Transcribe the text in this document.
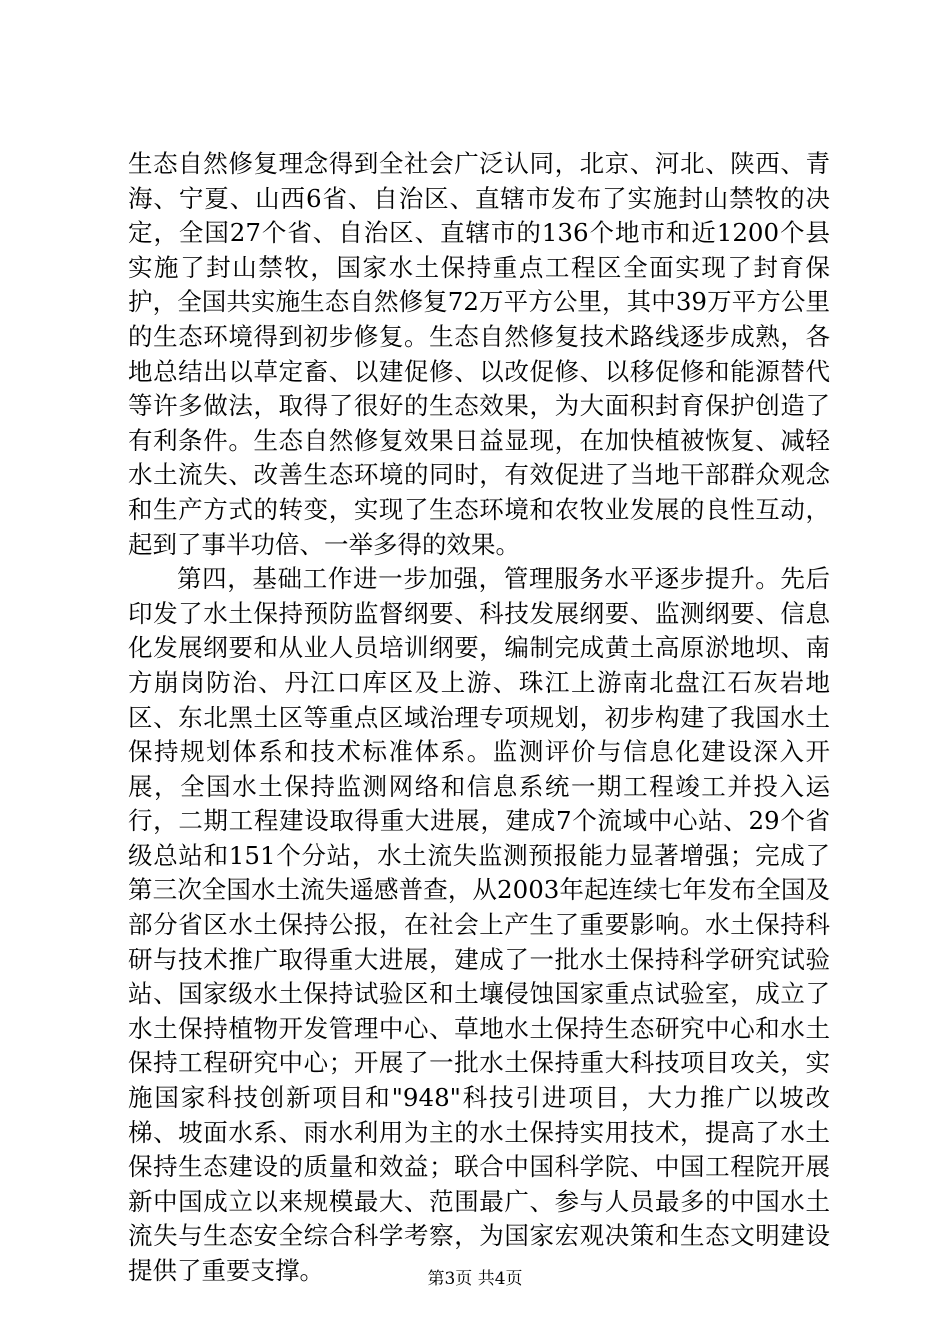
生态自然修复理念得到全社会广泛认同，北京、河北、陕西、青海、宁夏、山西6省、自治区、直辖市发布了实施封山禁牧的决定，全国27个省、自治区、直辖市的136个地市和近1200个县实施了封山禁牧，国家水土保持重点工程区全面实现了封育保护，全国共实施生态自然修复72万平方公里，其中39万平方公里的生态环境得到初步修复。生态自然修复技术路线逐步成熟，各地总结出以草定畜、以建促修、以改促修、以移促修和能源替代等许多做法，取得了很好的生态效果，为大面积封育保护创造了有利条件。生态自然修复效果日益显现，在加快植被恢复、减轻水土流失、改善生态环境的同时，有效促进了当地干部群众观念和生产方式的转变，实现了生态环境和农牧业发展的良性互动，起到了事半功倍、一举多得的效果。

第四，基础工作进一步加强，管理服务水平逐步提升。先后印发了水土保持预防监督纲要、科技发展纲要、监测纲要、信息化发展纲要和从业人员培训纲要，编制完成黄土高原淤地坝、南方崩岗防治、丹江口库区及上游、珠江上游南北盘江石灰岩地区、东北黑土区等重点区域治理专项规划，初步构建了我国水土保持规划体系和技术标准体系。监测评价与信息化建设深入开展，全国水土保持监测网络和信息系统一期工程竣工并投入运行，二期工程建设取得重大进展，建成7个流域中心站、29个省级总站和151个分站，水土流失监测预报能力显著增强；完成了第三次全国水土流失遥感普查，从2003年起连续七年发布全国及部分省区水土保持公报，在社会上产生了重要影响。水土保持科研与技术推广取得重大进展，建成了一批水土保持科学研究试验站、国家级水土保持试验区和土壤侵蚀国家重点试验室，成立了水土保持植物开发管理中心、草地水土保持生态研究中心和水土保持工程研究中心；开展了一批水土保持重大科技项目攻关，实施国家科技创新项目和"948"科技引进项目，大力推广以坡改梯、坡面水系、雨水利用为主的水土保持实用技术，提高了水土保持生态建设的质量和效益；联合中国科学院、中国工程院开展新中国成立以来规模最大、范围最广、参与人员最多的中国水土流失与生态安全综合科学考察，为国家宏观决策和生态文明建设提供了重要支撑。	第3页 共4页
